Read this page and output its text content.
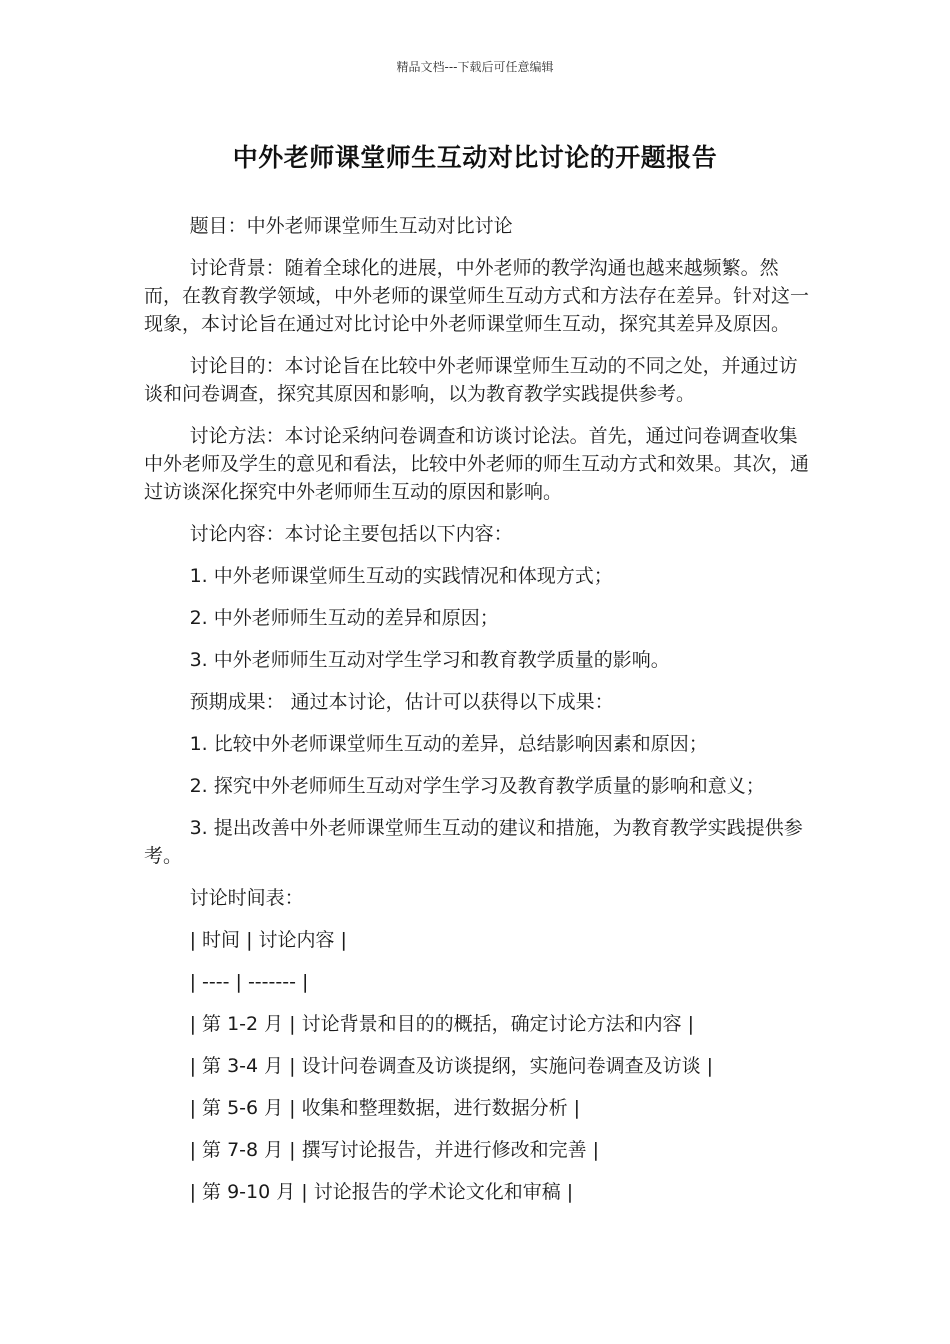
精品文档---下载后可任意编辑
中外老师课堂师生互动对比讨论的开题报告

题目：中外老师课堂师生互动对比讨论

讨论背景：随着全球化的进展，中外老师的教学沟通也越来越频繁。然而，在教育教学领域，中外老师的课堂师生互动方式和方法存在差异。针对这一现象，本讨论旨在通过对比讨论中外老师课堂师生互动，探究其差异及原因。

讨论目的：本讨论旨在比较中外老师课堂师生互动的不同之处，并通过访谈和问卷调查，探究其原因和影响，以为教育教学实践提供参考。

讨论方法：本讨论采纳问卷调查和访谈讨论法。首先，通过问卷调查收集中外老师及学生的意见和看法，比较中外老师的师生互动方式和效果。其次，通过访谈深化探究中外老师师生互动的原因和影响。

讨论内容：本讨论主要包括以下内容：

1. 中外老师课堂师生互动的实践情况和体现方式；

2. 中外老师师生互动的差异和原因；

3. 中外老师师生互动对学生学习和教育教学质量的影响。

预期成果： 通过本讨论，估计可以获得以下成果：

1. 比较中外老师课堂师生互动的差异，总结影响因素和原因；

2. 探究中外老师师生互动对学生学习及教育教学质量的影响和意义；

3. 提出改善中外老师课堂师生互动的建议和措施，为教育教学实践提供参考。

讨论时间表：

| 时间 | 讨论内容 |

| ---- | ------- |

| 第 1-2 月 | 讨论背景和目的的概括，确定讨论方法和内容 |

| 第 3-4 月 | 设计问卷调查及访谈提纲，实施问卷调查及访谈 |

| 第 5-6 月 | 收集和整理数据，进行数据分析 |

| 第 7-8 月 | 撰写讨论报告，并进行修改和完善 |

| 第 9-10 月 | 讨论报告的学术论文化和审稿 |
